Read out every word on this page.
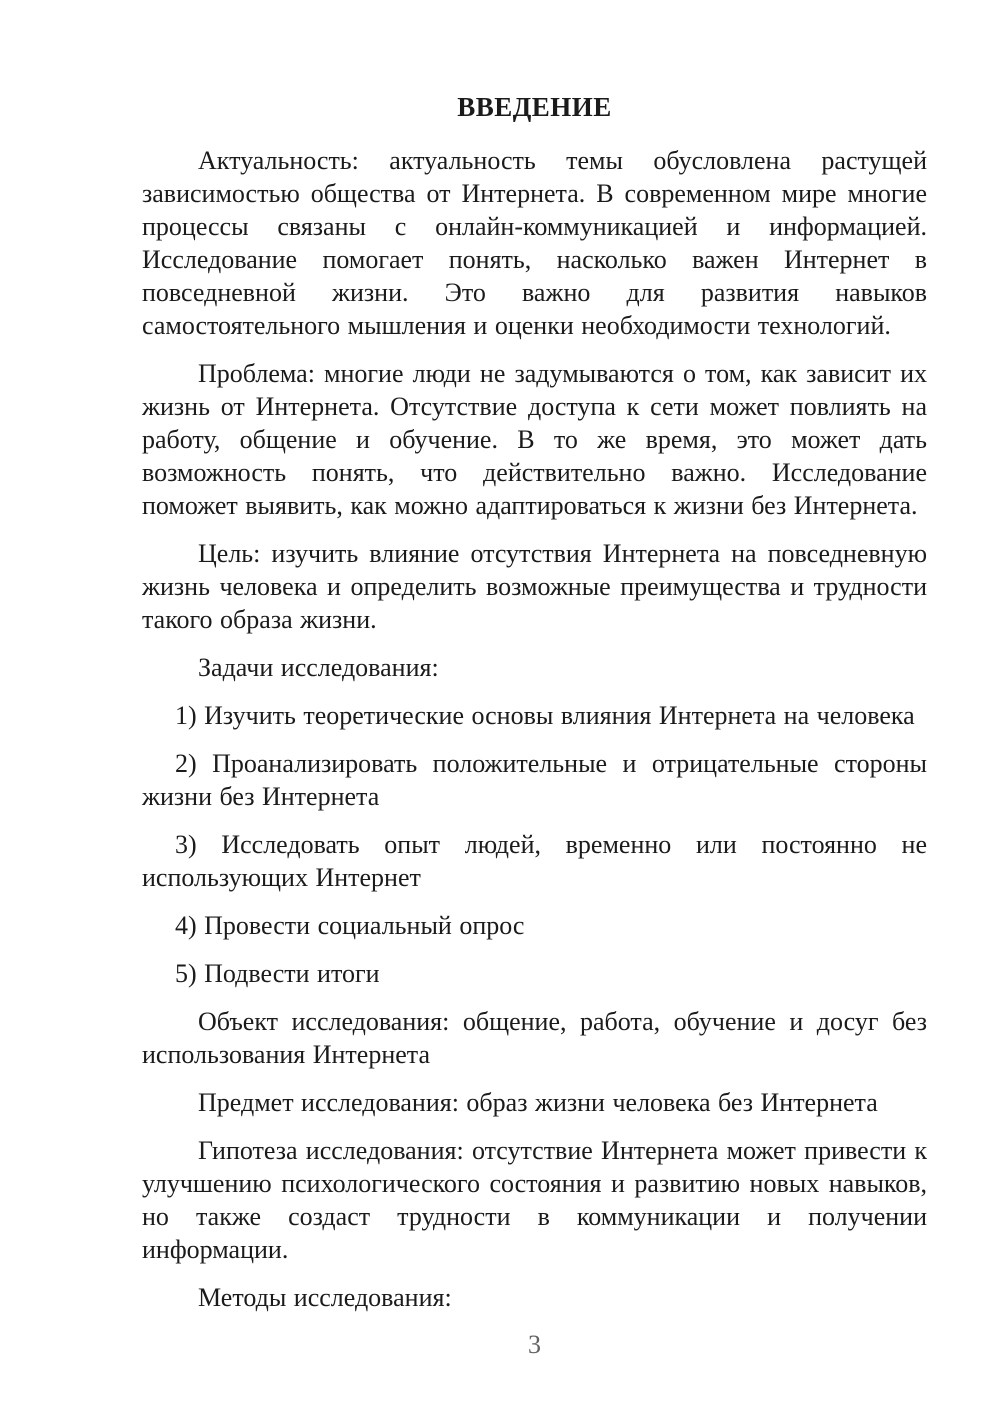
ВВЕДЕНИЕ

Актуальность: актуальность темы обусловлена растущей зависимостью общества от Интернета. В современном мире многие процессы связаны с онлайн-коммуникацией и информацией. Исследование помогает понять, насколько важен Интернет в повседневной жизни. Это важно для развития навыков самостоятельного мышления и оценки необходимости технологий.

Проблема: многие люди не задумываются о том, как зависит их жизнь от Интернета. Отсутствие доступа к сети может повлиять на работу, общение и обучение. В то же время, это может дать возможность понять, что действительно важно. Исследование поможет выявить, как можно адаптироваться к жизни без Интернета.

Цель: изучить влияние отсутствия Интернета на повседневную жизнь человека и определить возможные преимущества и трудности такого образа жизни.

Задачи исследования:

1) Изучить теоретические основы влияния Интернета на человека

2) Проанализировать положительные и отрицательные стороны жизни без Интернета

3) Исследовать опыт людей, временно или постоянно не использующих Интернет

4) Провести социальный опрос

5) Подвести итоги

Объект исследования: общение, работа, обучение и досуг без использования Интернета

Предмет исследования: образ жизни человека без Интернета

Гипотеза исследования: отсутствие Интернета может привести к улучшению психологического состояния и развитию новых навыков, но также создаст трудности в коммуникации и получении информации.

Методы исследования:

3
